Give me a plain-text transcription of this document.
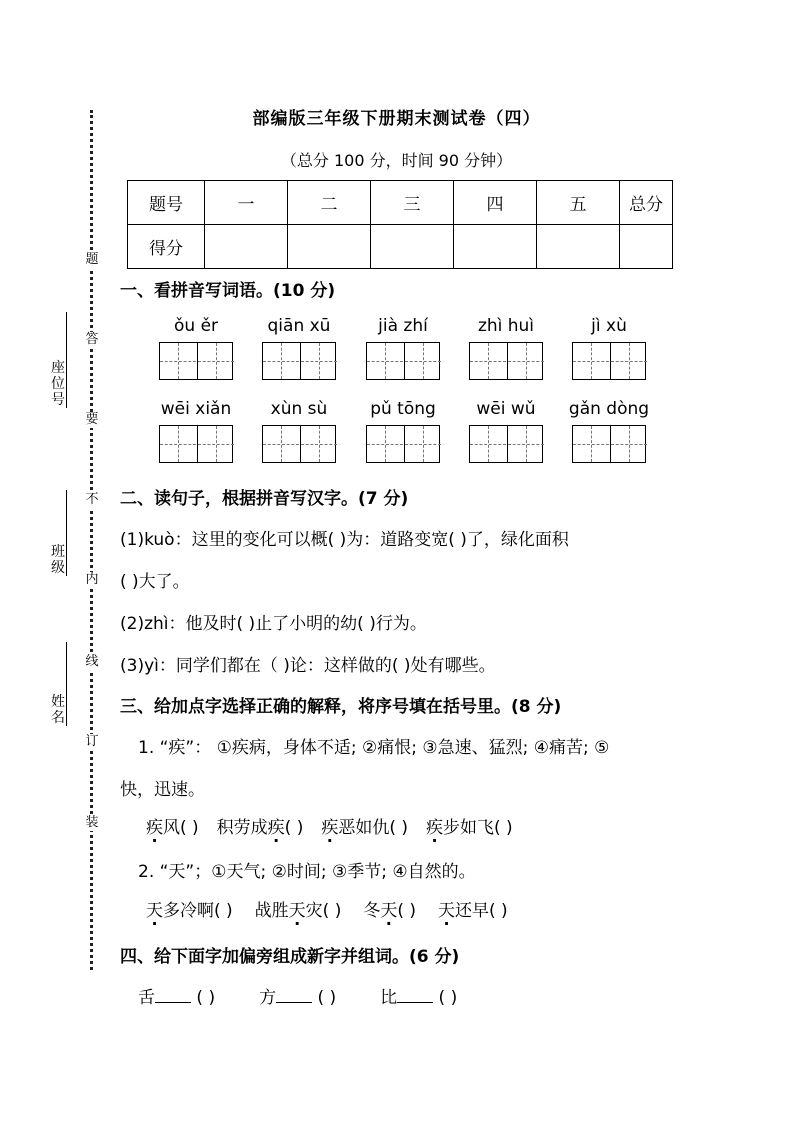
座
位
号
班
级
姓
名
题
答
要
不
内
线
订
装
部编版三年级下册期末测试卷（四）
（总分 100 分，时间 90 分钟）
题号	一	二	三	四	五	总分
得分						
一、看拼音写词语。(10 分)
ǒu ěr	qiān xū	jià zhí	zhì huì	jì xù
wēi xiǎn	xùn sù	pǔ tōng	wēi wǔ	gǎn dòng
二、读句子，根据拼音写汉字。(7 分)
(1)kuò：这里的变化可以概( )为：道路变宽( )了，绿化面积
( )大了。
(2)zhì：他及时( )止了小明的幼( )行为。
(3)yì：同学们都在（ )论：这样做的( )处有哪些。
三、给加点字选择正确的解释，将序号填在括号里。(8 分)
1. “疾”： ①疾病，身体不适; ②痛恨; ③急速、猛烈; ④痛苦; ⑤
快，迅速。
疾风( ) 积劳成疾( ) 疾恶如仇( ) 疾步如飞( )
2. “天”；①天气; ②时间; ③季节; ④自然的。
天多冷啊( ) 战胜天灾( ) 冬天( ) 天还早( )
四、给下面字加偏旁组成新字并组词。(6 分)
舌 ( )	方 ( )	比 ( )
